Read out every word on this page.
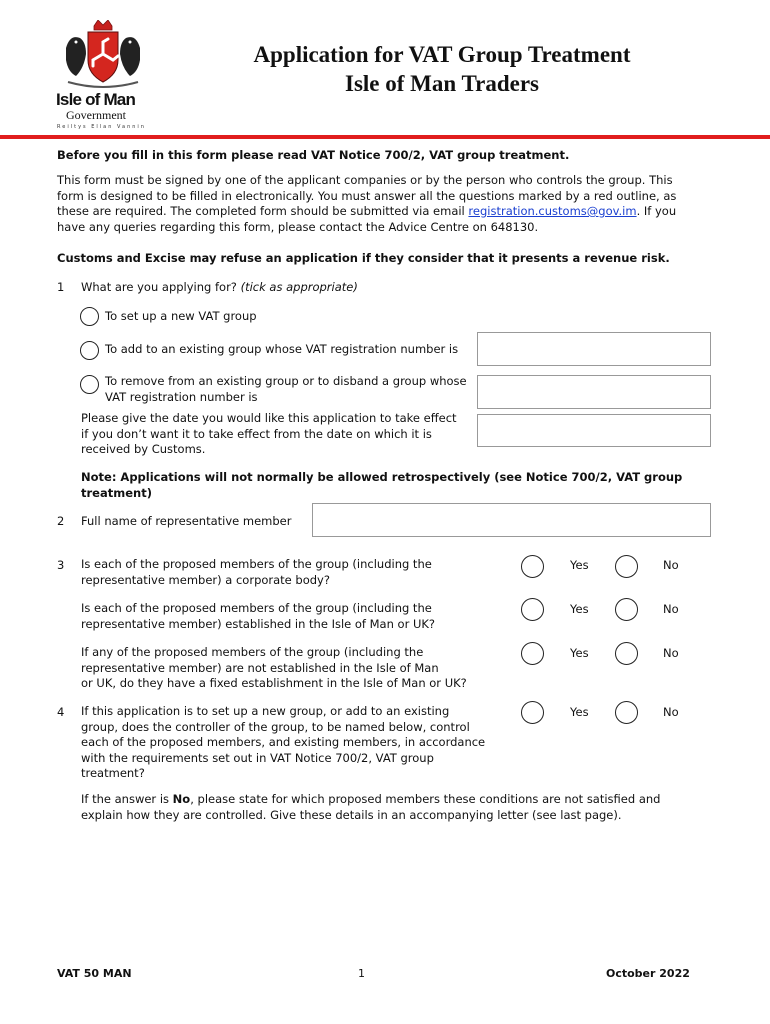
Isle of Man
Government
Reiltys Ellan Vannin
Application for VAT Group Treatment
Isle of Man Traders
Before you fill in this form please read VAT Notice 700/2, VAT group treatment.
This form must be signed by one of the applicant companies or by the person who controls the group. This
form is designed to be filled in electronically. You must answer all the questions marked by a red outline, as
these are required. The completed form should be submitted via email registration.customs@gov.im. If you
have any queries regarding this form, please contact the Advice Centre on 648130.
Customs and Excise may refuse an application if they consider that it presents a revenue risk.
1 What are you applying for? (tick as appropriate)
To set up a new VAT group
To add to an existing group whose VAT registration number is
To remove from an existing group or to disband a group whose
VAT registration number is
Please give the date you would like this application to take effect
if you don’t want it to take effect from the date on which it is
received by Customs.
Note: Applications will not normally be allowed retrospectively (see Notice 700/2, VAT group
treatment)
2 Full name of representative member
3 Is each of the proposed members of the group (including the
representative member) a corporate body?
Yes	No
Is each of the proposed members of the group (including the
representative member) established in the Isle of Man or UK?
Yes	No
If any of the proposed members of the group (including the
representative member) are not established in the Isle of Man
or UK, do they have a fixed establishment in the Isle of Man or UK?
Yes	No
4 If this application is to set up a new group, or add to an existing
group, does the controller of the group, to be named below, control
each of the proposed members, and existing members, in accordance
with the requirements set out in VAT Notice 700/2, VAT group
treatment?
Yes	No
If the answer is No, please state for which proposed members these conditions are not satisfied and
explain how they are controlled. Give these details in an accompanying letter (see last page).
VAT 50 MAN	1	October 2022
